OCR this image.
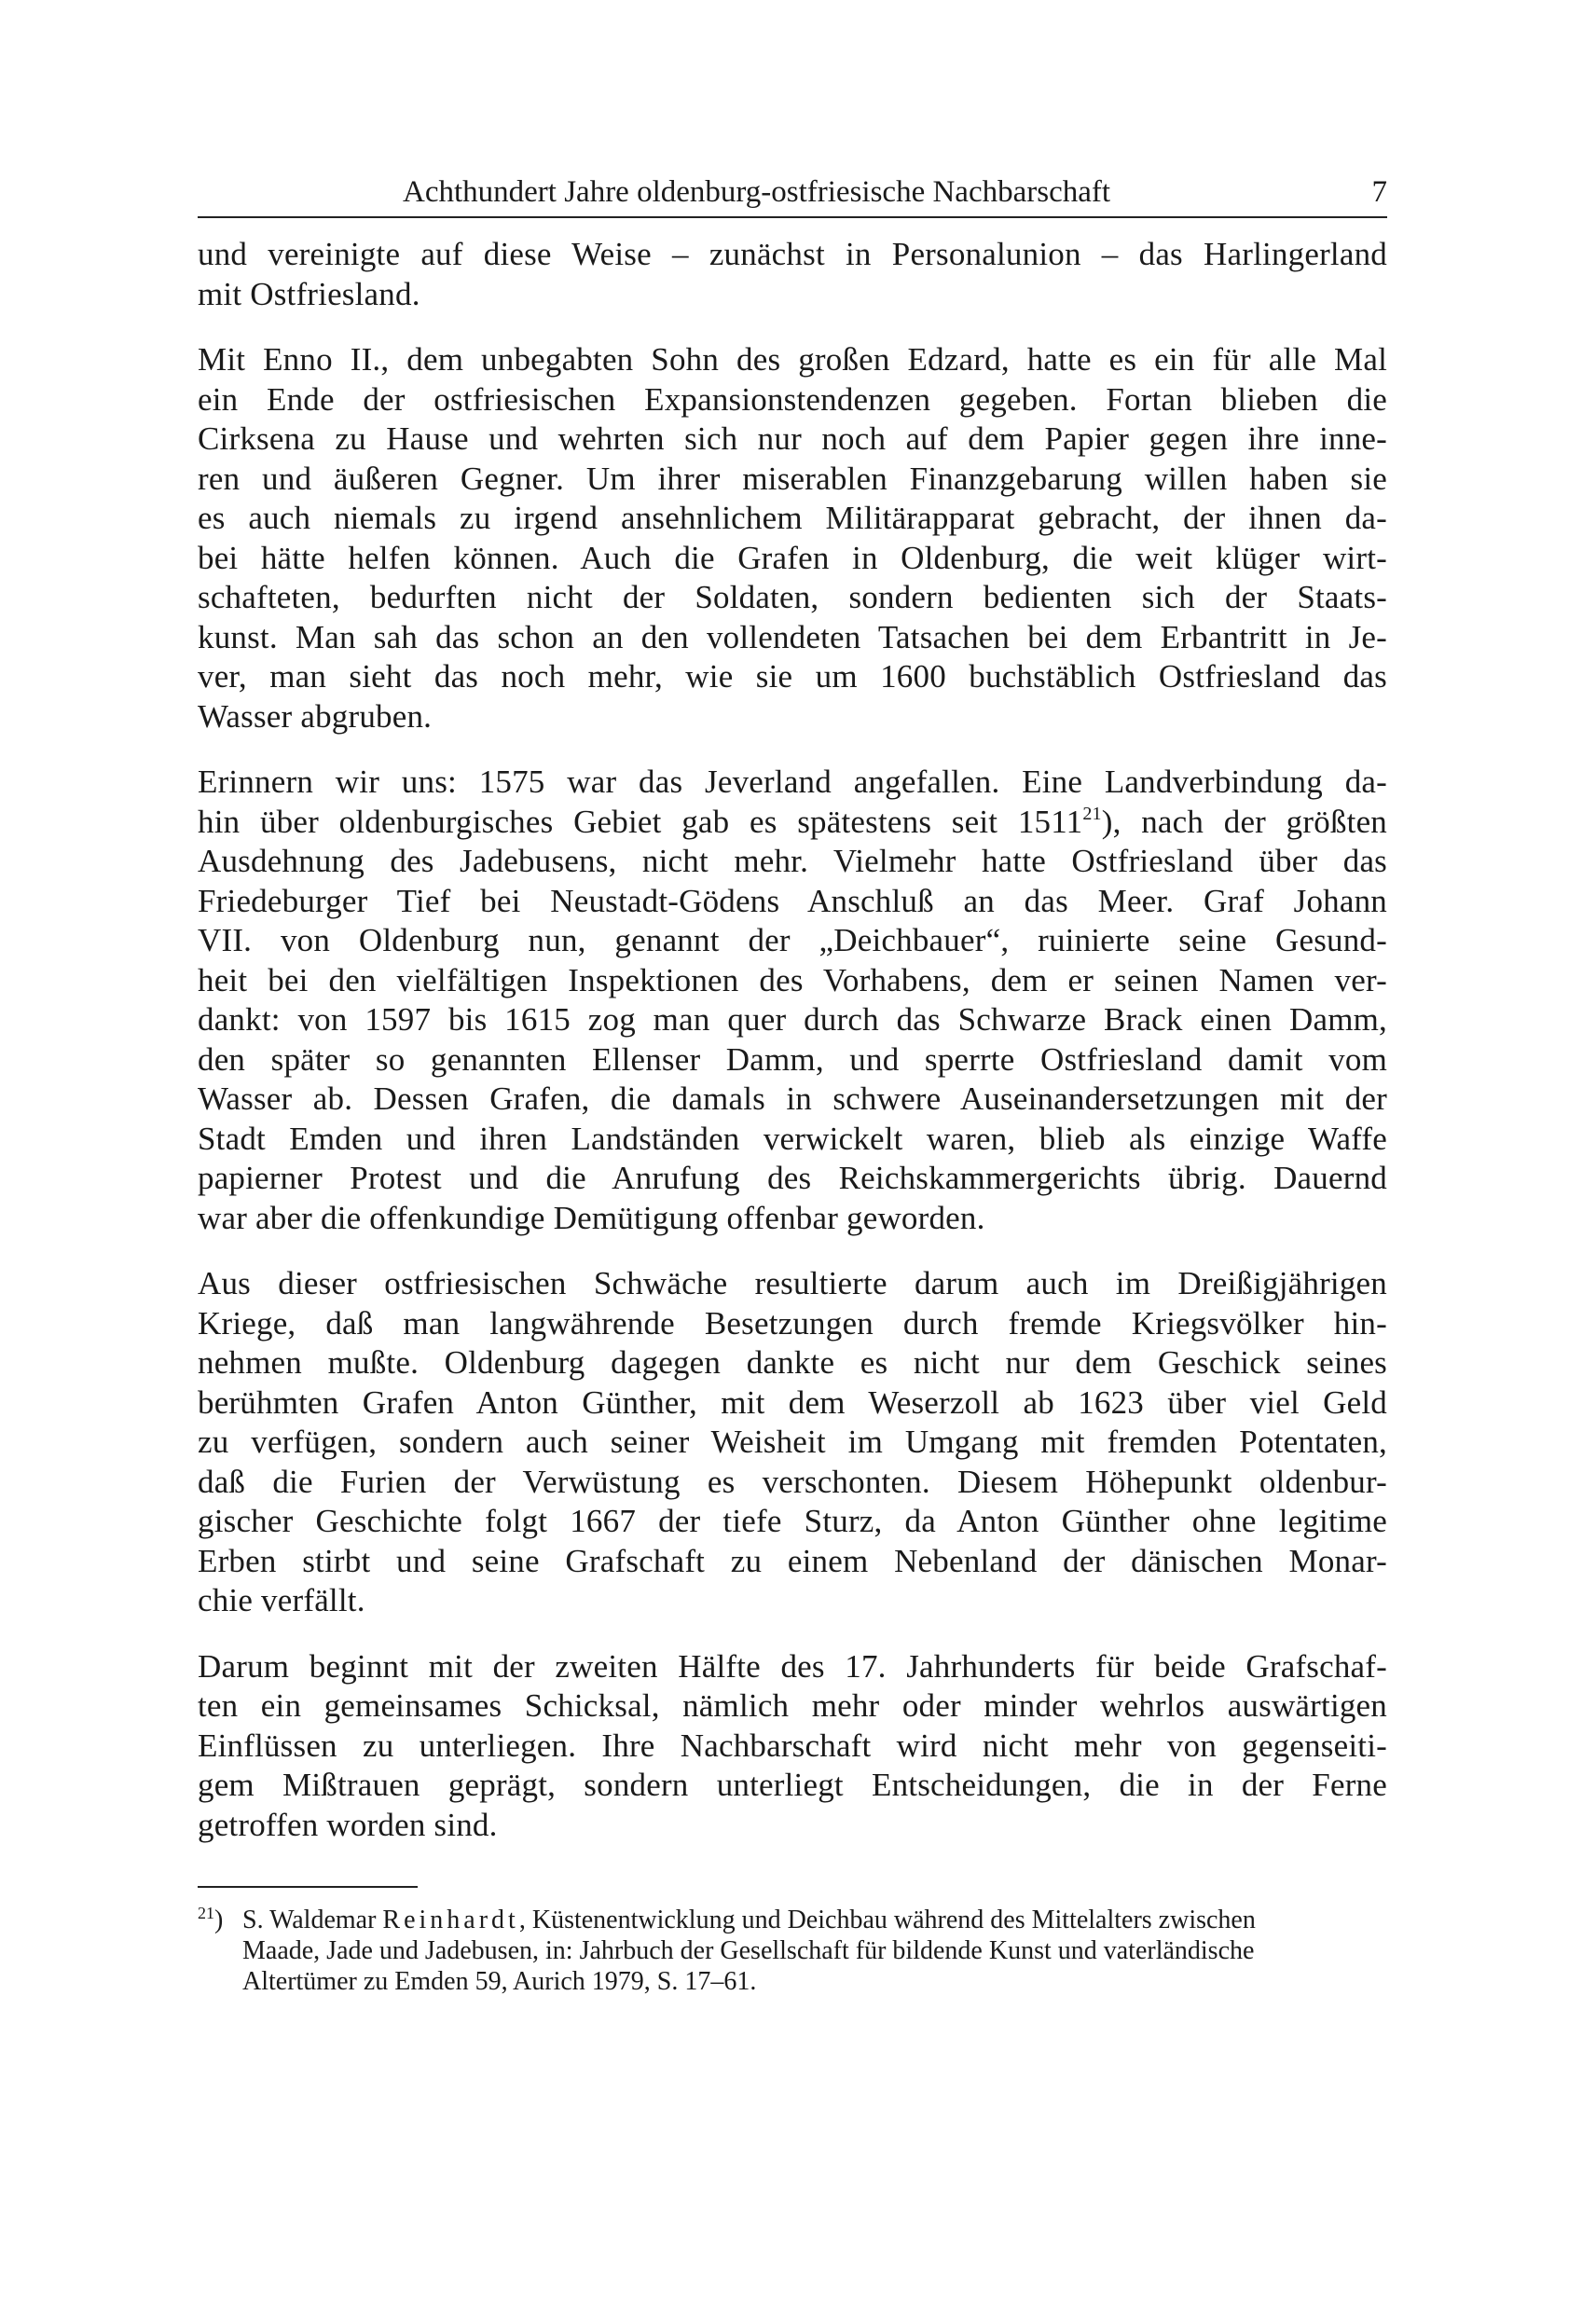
Achthundert Jahre oldenburg-ostfriesische Nachbarschaft	7

und vereinigte auf diese Weise – zunächst in Personalunion – das Harlingerland
mit Ostfriesland.

Mit Enno II., dem unbegabten Sohn des großen Edzard, hatte es ein für alle Mal
ein Ende der ostfriesischen Expansionstendenzen gegeben. Fortan blieben die
Cirksena zu Hause und wehrten sich nur noch auf dem Papier gegen ihre inne-
ren und äußeren Gegner. Um ihrer miserablen Finanzgebarung willen haben sie
es auch niemals zu irgend ansehnlichem Militärapparat gebracht, der ihnen da-
bei hätte helfen können. Auch die Grafen in Oldenburg, die weit klüger wirt-
schafteten, bedurften nicht der Soldaten, sondern bedienten sich der Staats-
kunst. Man sah das schon an den vollendeten Tatsachen bei dem Erbantritt in Je-
ver, man sieht das noch mehr, wie sie um 1600 buchstäblich Ostfriesland das
Wasser abgruben.

Erinnern wir uns: 1575 war das Jeverland angefallen. Eine Landverbindung da-
hin über oldenburgisches Gebiet gab es spätestens seit 1511$^{21}$), nach der größten
Ausdehnung des Jadebusens, nicht mehr. Vielmehr hatte Ostfriesland über das
Friedeburger Tief bei Neustadt-Gödens Anschluß an das Meer. Graf Johann
VII. von Oldenburg nun, genannt der „Deichbauer“, ruinierte seine Gesund-
heit bei den vielfältigen Inspektionen des Vorhabens, dem er seinen Namen ver-
dankt: von 1597 bis 1615 zog man quer durch das Schwarze Brack einen Damm,
den später so genannten Ellenser Damm, und sperrte Ostfriesland damit vom
Wasser ab. Dessen Grafen, die damals in schwere Auseinandersetzungen mit der
Stadt Emden und ihren Landständen verwickelt waren, blieb als einzige Waffe
papierner Protest und die Anrufung des Reichskammergerichts übrig. Dauernd
war aber die offenkundige Demütigung offenbar geworden.

Aus dieser ostfriesischen Schwäche resultierte darum auch im Dreißigjährigen
Kriege, daß man langwährende Besetzungen durch fremde Kriegsvölker hin-
nehmen mußte. Oldenburg dagegen dankte es nicht nur dem Geschick seines
berühmten Grafen Anton Günther, mit dem Weserzoll ab 1623 über viel Geld
zu verfügen, sondern auch seiner Weisheit im Umgang mit fremden Potentaten,
daß die Furien der Verwüstung es verschonten. Diesem Höhepunkt oldenbur-
gischer Geschichte folgt 1667 der tiefe Sturz, da Anton Günther ohne legitime
Erben stirbt und seine Grafschaft zu einem Nebenland der dänischen Monar-
chie verfällt.

Darum beginnt mit der zweiten Hälfte des 17. Jahrhunderts für beide Grafschaf-
ten ein gemeinsames Schicksal, nämlich mehr oder minder wehrlos auswärtigen
Einflüssen zu unterliegen. Ihre Nachbarschaft wird nicht mehr von gegenseiti-
gem Mißtrauen geprägt, sondern unterliegt Entscheidungen, die in der Ferne
getroffen worden sind.

$^{21}$) S. Waldemar Reinhardt, Küstenentwicklung und Deichbau während des Mittelalters zwischen
Maade, Jade und Jadebusen, in: Jahrbuch der Gesellschaft für bildende Kunst und vaterländische
Altertümer zu Emden 59, Aurich 1979, S. 17–61.
